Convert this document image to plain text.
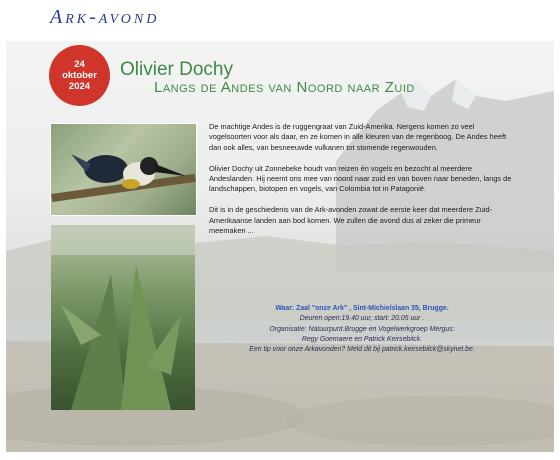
Ark-avond
24
oktober
2024
Olivier Dochy
Langs de Andes van Noord naar Zuid

De machtige Andes is de ruggengraat van Zuid-Amerika. Nergens komen zo veel vogelsoorten voor als daar, en ze komen in alle kleuren van de regenboog. De Andes heeft dan ook alles, van besneeuwde vulkanen tot stomende regenwouden.

Olivier Dochy uit Zonnebeke houdt van reizen én vogels en bezocht al meerdere Andeslanden. Hij neemt ons mee van noord naar zuid en van boven naar beneden, langs de landschappen, biotopen en vogels, van Colombia tot in Patagonië.

Dit is in de geschiedenis van de Ark-avonden zowat de eerste keer dat meerdere Zuid-Amerikaanse landen aan bod komen. We zullen die avond dus al zeker die primeur meemaken ...

Waar: Zaal "onze Ark" , Sint-Michielslaan 35, Brugge.
Deuren open:19.40 uur, start: 20.05 uur .
Organisatie: Natuurpunt.Brugge en Vogelwerkgroep Mergus:
Regy Goemaere en Patrick Keirsebilck.
Een tip voor onze Arkavonden? Meld dit bij patrick.keirsebilck@skynet.be.
